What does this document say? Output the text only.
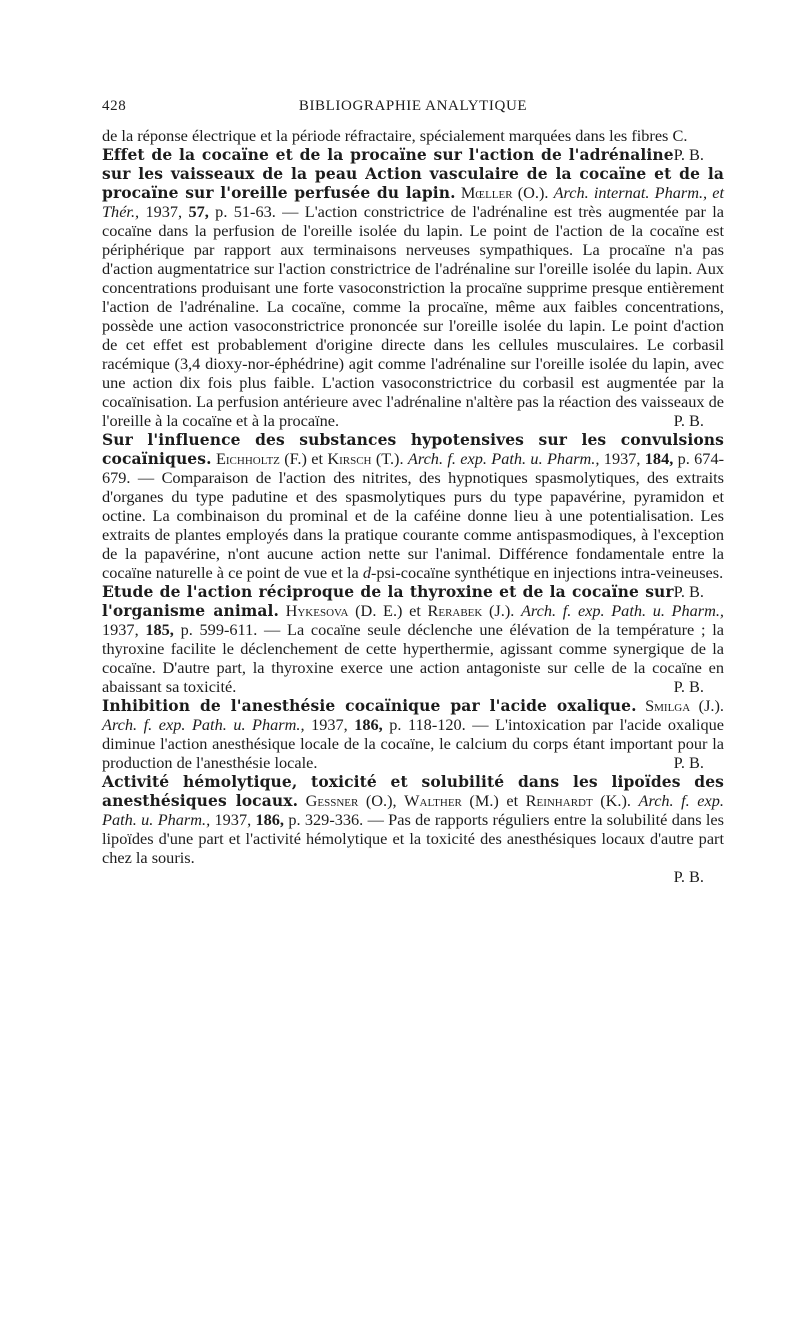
428	BIBLIOGRAPHIE ANALYTIQUE

de la réponse électrique et la période réfractaire, spécialement marquées dans les fibres C.
P. B.

Effet de la cocaïne et de la procaïne sur l'action de l'adrénaline sur les vaisseaux de la peau Action vasculaire de la cocaïne et de la procaïne sur l'oreille perfusée du lapin. Mœller (O.). Arch. internat. Pharm., et Thér., 1937, 57, p. 51-63. — L'action constrictrice de l'adrénaline est très augmentée par la cocaïne dans la perfusion de l'oreille isolée du lapin. Le point de l'action de la cocaïne est périphérique par rapport aux terminaisons nerveuses sympathiques. La procaïne n'a pas d'action augmentatrice sur l'action constrictrice de l'adrénaline sur l'oreille isolée du lapin. Aux concentrations produisant une forte vasoconstriction la procaïne supprime presque entièrement l'action de l'adrénaline. La cocaïne, comme la procaïne, même aux faibles concentrations, possède une action vasoconstrictrice prononcée sur l'oreille isolée du lapin. Le point d'action de cet effet est probablement d'origine directe dans les cellules musculaires. Le corbasil racémique (3,4 dioxy-nor-éphédrine) agit comme l'adrénaline sur l'oreille isolée du lapin, avec une action dix fois plus faible. L'action vasoconstrictrice du corbasil est augmentée par la cocaïnisation. La perfusion antérieure avec l'adrénaline n'altère pas la réaction des vaisseaux de l'oreille à la cocaïne et à la procaïne.	P. B.

Sur l'influence des substances hypotensives sur les convulsions cocaïniques. Eichholtz (F.) et Kirsch (T.). Arch. f. exp. Path. u. Pharm., 1937, 184, p. 674-679. — Comparaison de l'action des nitrites, des hypnotiques spasmolytiques, des extraits d'organes du type padutine et des spasmolytiques purs du type papavérine, pyramidon et octine. La combinaison du prominal et de la caféine donne lieu à une potentialisation. Les extraits de plantes employés dans la pratique courante comme antispasmodiques, à l'exception de la papavérine, n'ont aucune action nette sur l'animal. Différence fondamentale entre la cocaïne naturelle à ce point de vue et la d-psi-cocaïne synthétique en injections intra-veineuses.
P. B.

Etude de l'action réciproque de la thyroxine et de la cocaïne sur l'organisme animal. Hykesova (D. E.) et Rerabek (J.). Arch. f. exp. Path. u. Pharm., 1937, 185, p. 599-611. — La cocaïne seule déclenche une élévation de la température ; la thyroxine facilite le déclenchement de cette hyperthermie, agissant comme synergique de la cocaïne. D'autre part, la thyroxine exerce une action antagoniste sur celle de la cocaïne en abaissant sa toxicité.	P. B.

Inhibition de l'anesthésie cocaïnique par l'acide oxalique. Smilga (J.). Arch. f. exp. Path. u. Pharm., 1937, 186, p. 118-120. — L'intoxication par l'acide oxalique diminue l'action anesthésique locale de la cocaïne, le calcium du corps étant important pour la production de l'anesthésie locale.	P. B.

Activité hémolytique, toxicité et solubilité dans les lipoïdes des anesthésiques locaux. Gessner (O.), Walther (M.) et Reinhardt (K.). Arch. f. exp. Path. u. Pharm., 1937, 186, p. 329-336. — Pas de rapports réguliers entre la solubilité dans les lipoïdes d'une part et l'activité hémolytique et la toxicité des anesthésiques locaux d'autre part chez la souris.
P. B.
